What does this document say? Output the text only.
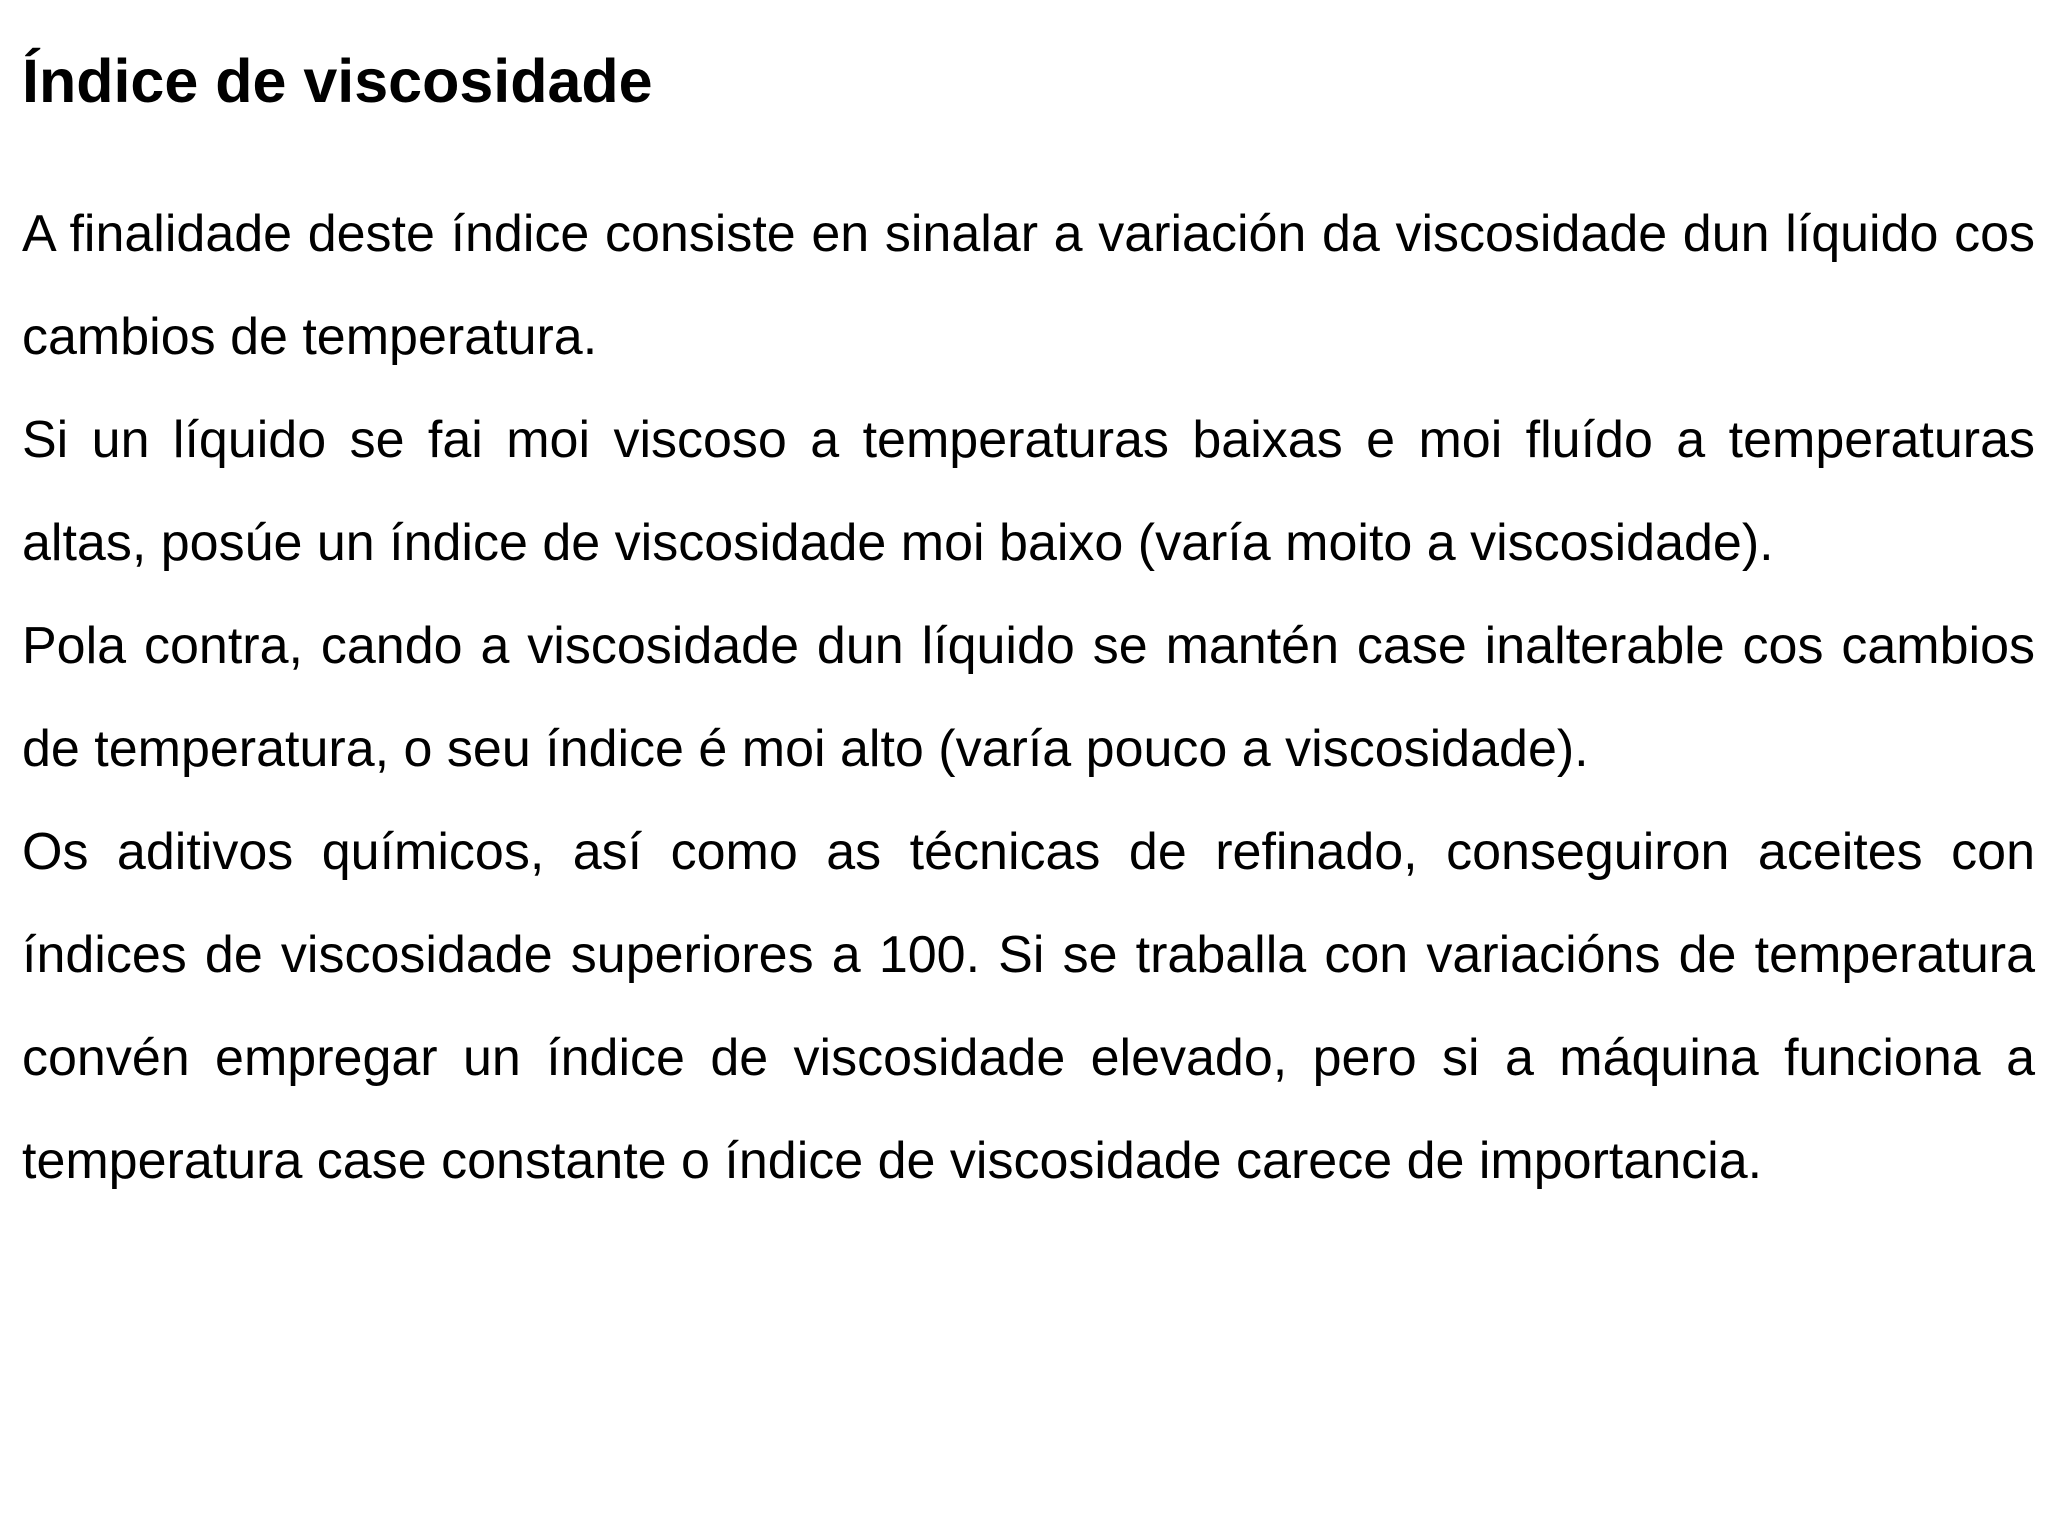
Índice de viscosidade

A finalidade deste índice consiste en sinalar a variación da viscosidade dun líquido cos cambios de temperatura.

Si un líquido se fai moi viscoso a temperaturas baixas e moi fluído a temperaturas altas, posúe un índice de viscosidade moi baixo (varía moito a viscosidade).

Pola contra, cando a viscosidade dun líquido se mantén case inalterable cos cambios de temperatura, o seu índice é moi alto (varía pouco a viscosidade).

Os aditivos químicos, así como as técnicas de refinado, conseguiron aceites con índices de viscosidade superiores a 100. Si se traballa con variacións de temperatura convén empregar un índice de viscosidade elevado, pero si a máquina funciona a temperatura case constante o índice de viscosidade carece de importancia.
